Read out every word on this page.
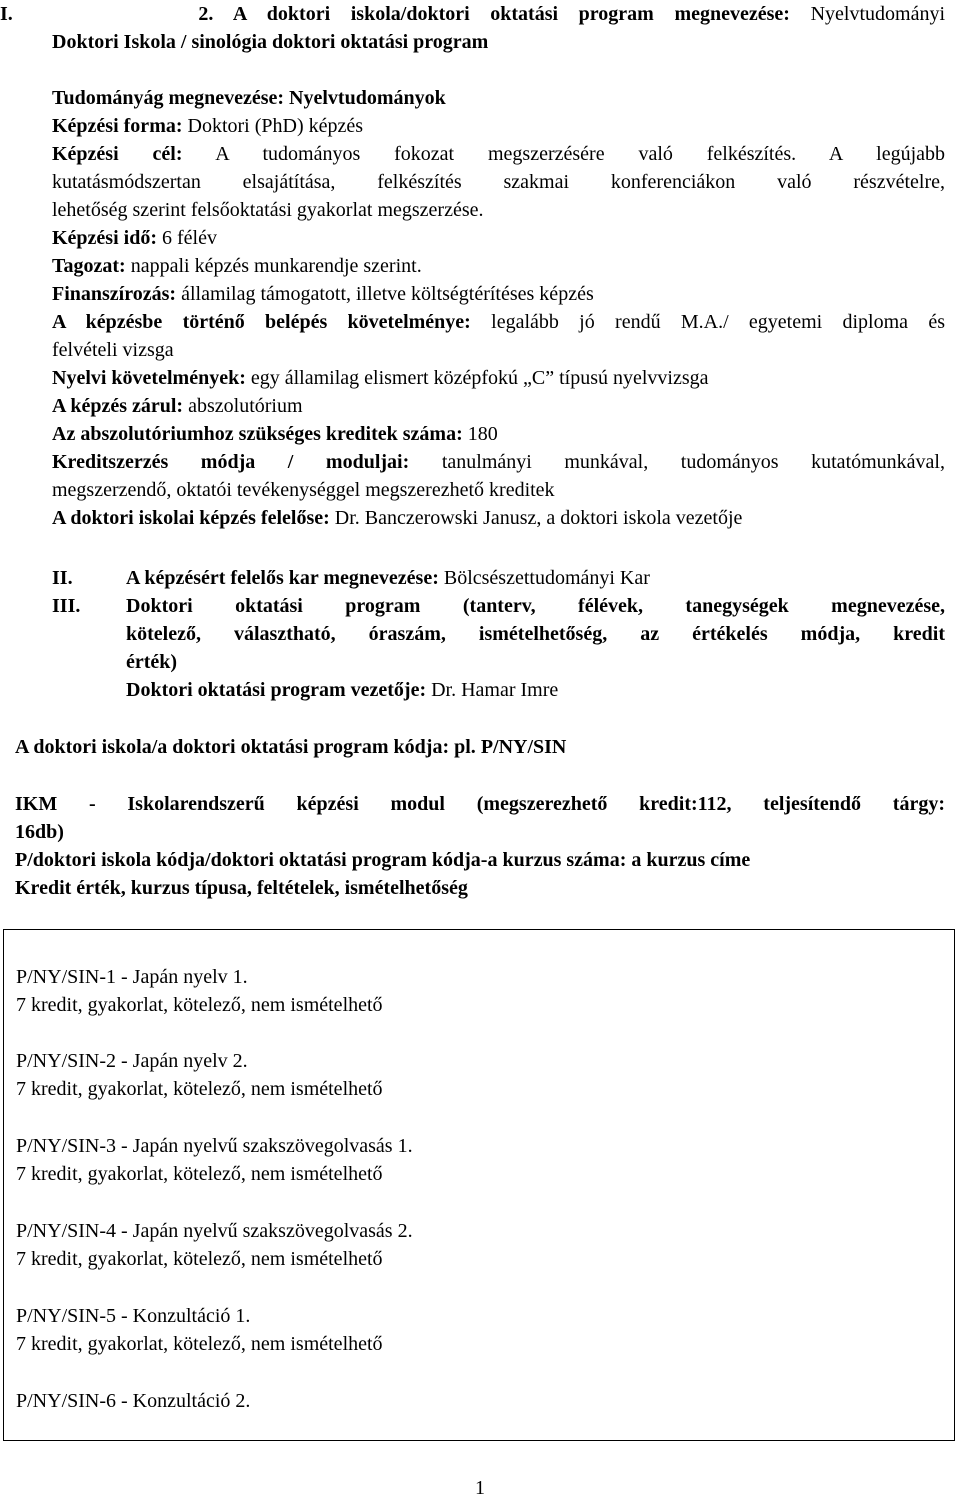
I.	2. A doktori iskola/doktori oktatási program megnevezése: Nyelvtudományi
Doktori Iskola / sinológia doktori oktatási program
Tudományág megnevezése: Nyelvtudományok
Képzési forma: Doktori (PhD) képzés
Képzési cél: A tudományos fokozat megszerzésére való felkészítés. A legújabb
kutatásmódszertan elsajátítása, felkészítés szakmai konferenciákon való részvételre,
lehetőség szerint felsőoktatási gyakorlat megszerzése.
Képzési idő: 6 félév
Tagozat: nappali képzés munkarendje szerint.
Finanszírozás: államilag támogatott, illetve költségtérítéses képzés
A képzésbe történő belépés követelménye: legalább jó rendű M.A./ egyetemi diploma és
felvételi vizsga
Nyelvi követelmények: egy államilag elismert középfokú „C” típusú nyelvvizsga
A képzés zárul: abszolutórium
Az abszolutóriumhoz szükséges kreditek száma: 180
Kreditszerzés módja / moduljai: tanulmányi munkával, tudományos kutatómunkával,
megszerzendő, oktatói tevékenységgel megszerezhető kreditek
A doktori iskolai képzés felelőse: Dr. Banczerowski Janusz, a doktori iskola vezetője
II.	A képzésért felelős kar megnevezése: Bölcsészettudományi Kar
III. Doktori oktatási program (tanterv, félévek, tanegységek megnevezése,
kötelező, választható, óraszám, ismételhetőség, az értékelés módja, kredit
érték)
Doktori oktatási program vezetője: Dr. Hamar Imre
A doktori iskola/a doktori oktatási program kódja: pl. P/NY/SIN
IKM - Iskolarendszerű képzési modul (megszerezhető kredit:112, teljesítendő tárgy:
16db)
P/doktori iskola kódja/doktori oktatási program kódja-a kurzus száma: a kurzus címe
Kredit érték, kurzus típusa, feltételek, ismételhetőség
P/NY/SIN-1 - Japán nyelv 1.
7 kredit, gyakorlat, kötelező, nem ismételhető
P/NY/SIN-2 - Japán nyelv 2.
7 kredit, gyakorlat, kötelező, nem ismételhető
P/NY/SIN-3 - Japán nyelvű szakszövegolvasás 1.
7 kredit, gyakorlat, kötelező, nem ismételhető
P/NY/SIN-4 - Japán nyelvű szakszövegolvasás 2.
7 kredit, gyakorlat, kötelező, nem ismételhető
P/NY/SIN-5 - Konzultáció 1.
7 kredit, gyakorlat, kötelező, nem ismételhető
P/NY/SIN-6 - Konzultáció 2.
1
